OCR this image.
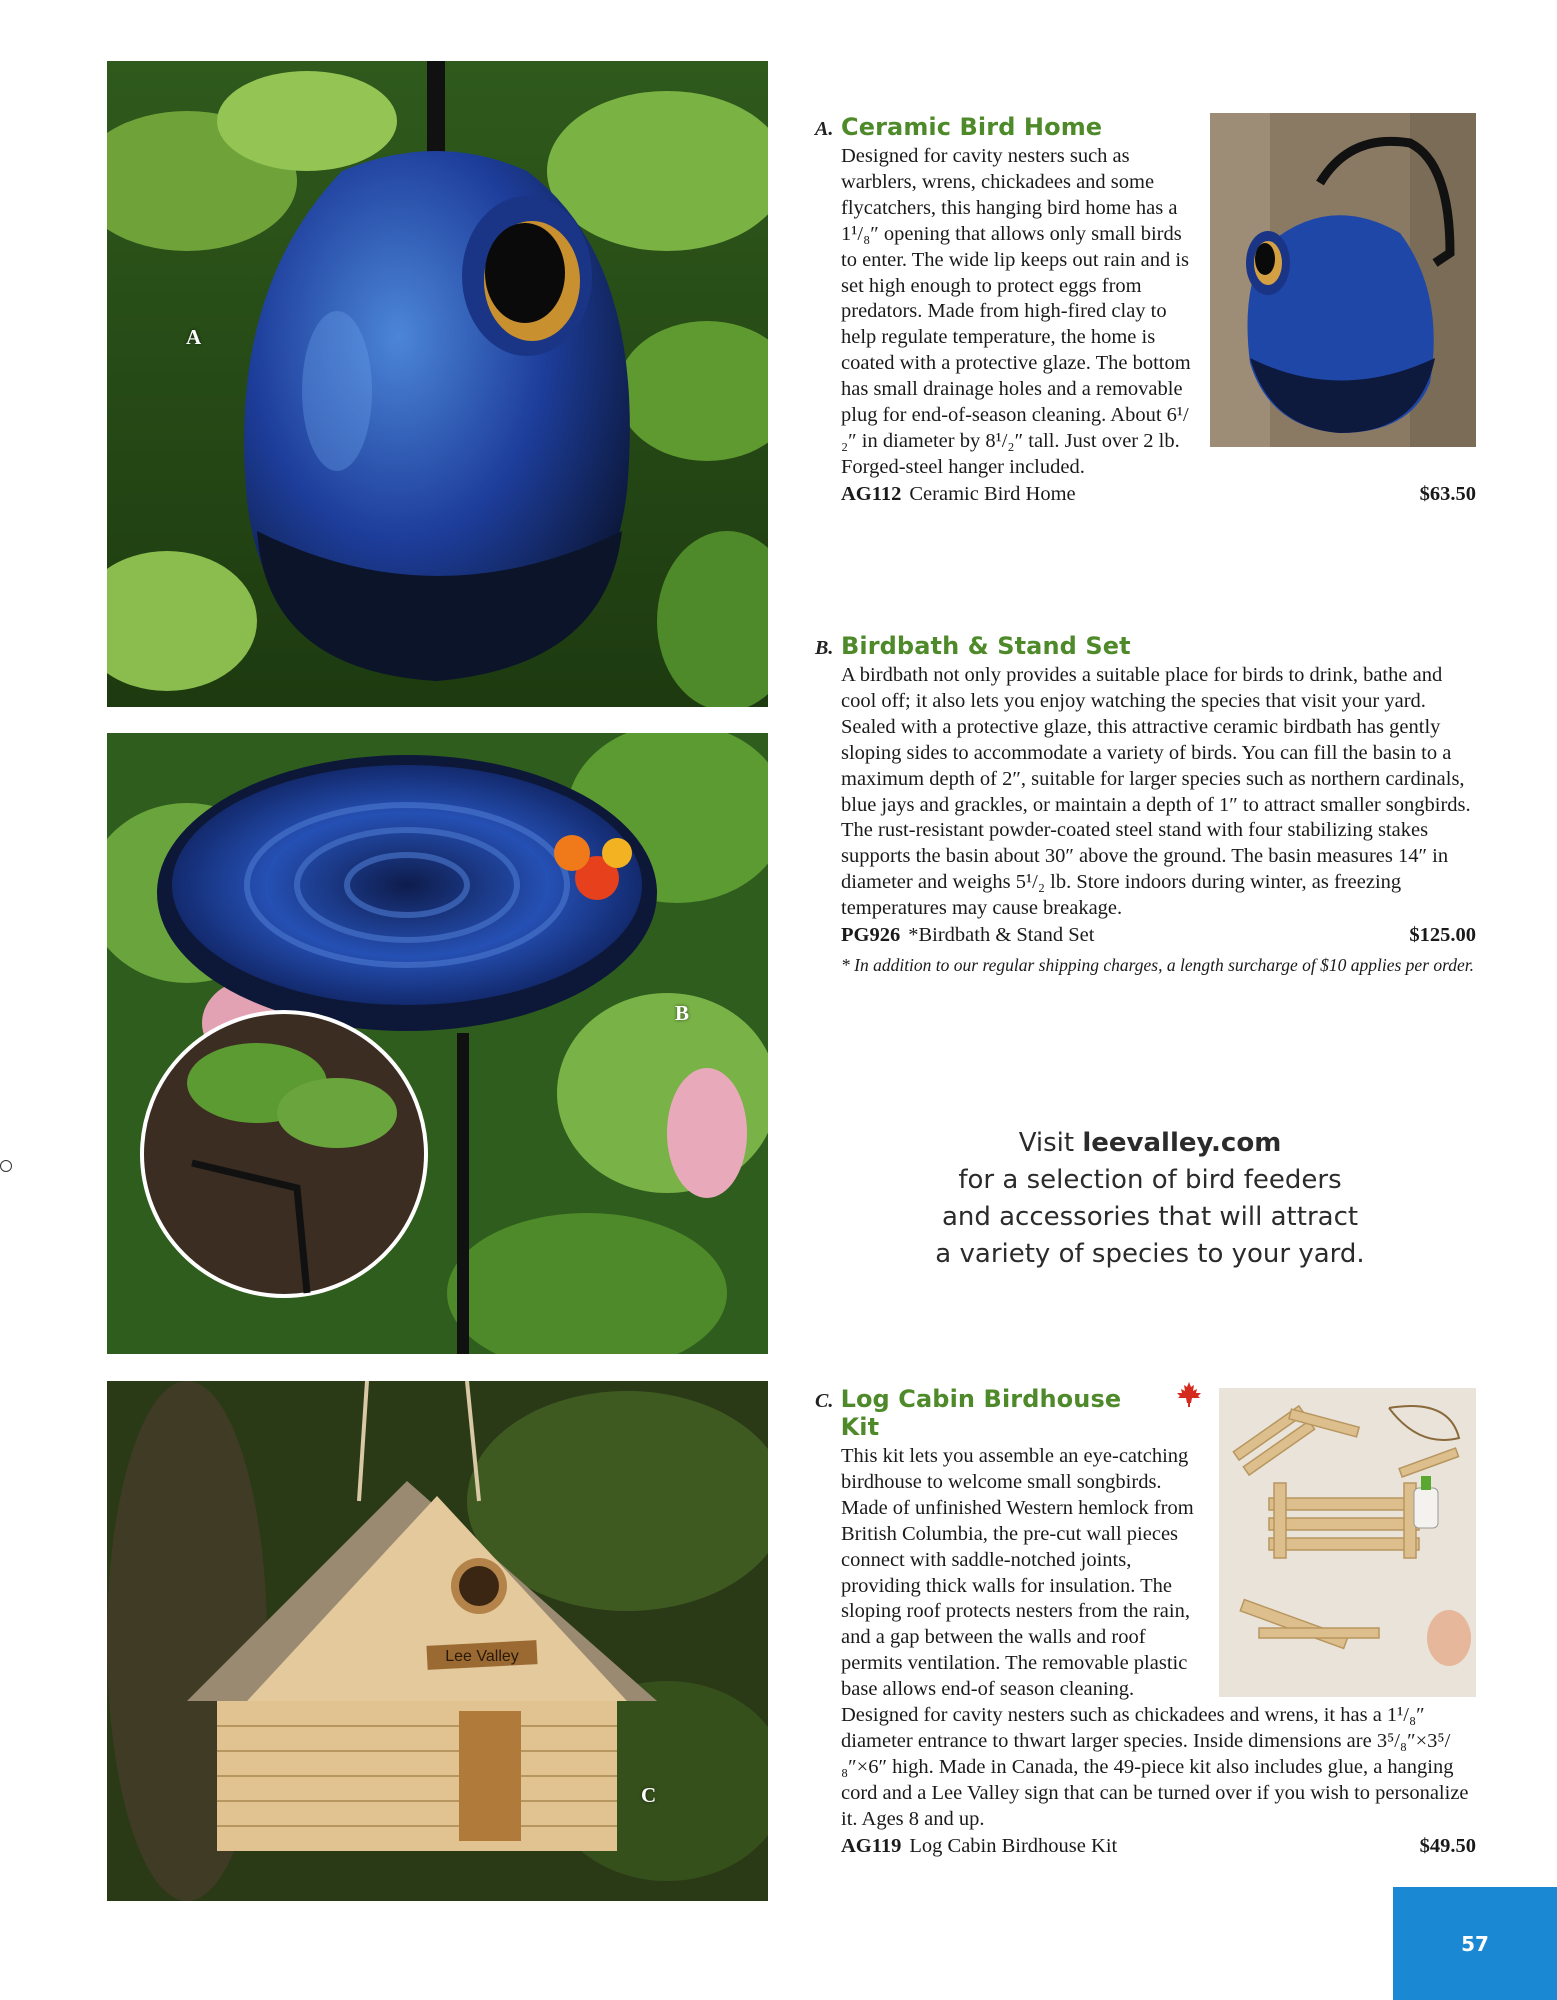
A
B
Lee Valley
C
A. Ceramic Bird Home
Designed for cavity nesters such as warblers, wrens, chickadees and some flycatchers, this hanging bird home has a 1¹/₈″ opening that allows only small birds to enter. The wide lip keeps out rain and is set high enough to protect eggs from predators. Made from high-fired clay to help regulate temperature, the home is coated with a protective glaze. The bottom has small drainage holes and a removable plug for end-of-season cleaning. About 6¹/₂″ in diameter by 8¹/₂″ tall. Just over 2 lb. Forged-steel hanger included.
AG112 Ceramic Bird Home	$63.50
B. Birdbath & Stand Set
A birdbath not only provides a suitable place for birds to drink, bathe and cool off; it also lets you enjoy watching the species that visit your yard. Sealed with a protective glaze, this attractive ceramic birdbath has gently sloping sides to accommodate a variety of birds. You can fill the basin to a maximum depth of 2″, suitable for larger species such as northern cardinals, blue jays and grackles, or maintain a depth of 1″ to attract smaller songbirds. The rust-resistant powder-coated steel stand with four stabilizing stakes supports the basin about 30″ above the ground. The basin measures 14″ in diameter and weighs 5¹/₂ lb. Store indoors during winter, as freezing temperatures may cause breakage.
PG926 *Birdbath & Stand Set	$125.00
* In addition to our regular shipping charges, a length surcharge of $10 applies per order.
Visit leevalley.com
for a selection of bird feeders
and accessories that will attract
a variety of species to your yard.
C. Log Cabin Birdhouse Kit
This kit lets you assemble an eye-catching birdhouse to welcome small songbirds. Made of unfinished Western hemlock from British Columbia, the pre-cut wall pieces connect with saddle-notched joints, providing thick walls for insulation. The sloping roof protects nesters from the rain, and a gap between the walls and roof permits ventilation. The removable plastic base allows end-of season cleaning. Designed for cavity nesters such as chickadees and wrens, it has a 1¹/₈″ diameter entrance to thwart larger species. Inside dimensions are 3⁵/₈″×3⁵/₈″×6″ high. Made in Canada, the 49-piece kit also includes glue, a hanging cord and a Lee Valley sign that can be turned over if you wish to personalize it. Ages 8 and up.
AG119 Log Cabin Birdhouse Kit	$49.50
57
